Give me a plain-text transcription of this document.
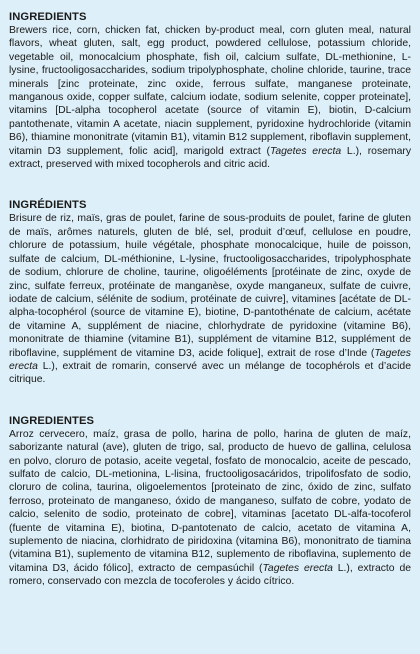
INGREDIENTS

Brewers rice, corn, chicken fat, chicken by-product meal, corn gluten meal, natural flavors, wheat gluten, salt, egg product, powdered cellulose, potassium chloride, vegetable oil, monocalcium phosphate, fish oil, calcium sulfate, DL-methionine, L-lysine, fructooligosaccharides, sodium tripolyphosphate, choline chloride, taurine, trace minerals [zinc proteinate, zinc oxide, ferrous sulfate, manganese proteinate, manganous oxide, copper sulfate, calcium iodate, sodium selenite, copper proteinate], vitamins [DL-alpha tocopherol acetate (source of vitamin E), biotin, D-calcium pantothenate, vitamin A acetate, niacin supplement, pyridoxine hydrochloride (vitamin B6), thiamine mononitrate (vitamin B1), vitamin B12 supplement, riboflavin supplement, vitamin D3 supplement, folic acid], marigold extract (Tagetes erecta L.), rosemary extract, preserved with mixed tocopherols and citric acid.

INGRÉDIENTS

Brisure de riz, maïs, gras de poulet, farine de sous-produits de poulet, farine de gluten de maïs, arômes naturels, gluten de blé, sel, produit d’œuf, cellulose en poudre, chlorure de potassium, huile végétale, phosphate monocalcique, huile de poisson, sulfate de calcium, DL-méthionine, L-lysine, fructooligosaccharides, tripolyphosphate de sodium, chlorure de choline, taurine, oligoéléments [protéinate de zinc, oxyde de zinc, sulfate ferreux, protéinate de manganèse, oxyde manganeux, sulfate de cuivre, iodate de calcium, sélénite de sodium, protéinate de cuivre], vitamines [acétate de DL-alpha-tocophérol (source de vitamine E), biotine, D-pantothénate de calcium, acétate de vitamine A, supplément de niacine, chlorhydrate de pyridoxine (vitamine B6), mononitrate de thiamine (vitamine B1), supplément de vitamine B12, supplément de riboflavine, supplément de vitamine D3, acide folique], extrait de rose d’Inde (Tagetes erecta L.), extrait de romarin, conservé avec un mélange de tocophérols et d’acide citrique.

INGREDIENTES

Arroz cervecero, maíz, grasa de pollo, harina de pollo, harina de gluten de maíz, saborizante natural (ave), gluten de trigo, sal, producto de huevo de gallina, celulosa en polvo, cloruro de potasio, aceite vegetal, fosfato de monocalcio, aceite de pescado, sulfato de calcio, DL-metionina, L-lisina, fructooligosacáridos, tripolifosfato de sodio, cloruro de colina, taurina, oligoelementos [proteinato de zinc, óxido de zinc, sulfato ferroso, proteinato de manganeso, óxido de manganeso, sulfato de cobre, yodato de calcio, selenito de sodio, proteinato de cobre], vitaminas [acetato DL-alfa-tocoferol (fuente de vitamina E), biotina, D-pantotenato de calcio, acetato de vitamina A, suplemento de niacina, clorhidrato de piridoxina (vitamina B6), mononitrato de tiamina (vitamina B1), suplemento de vitamina B12, suplemento de riboflavina, suplemento de vitamina D3, ácido fólico], extracto de cempasúchil (Tagetes erecta L.), extracto de romero, conservado con mezcla de tocoferoles y ácido cítrico.
